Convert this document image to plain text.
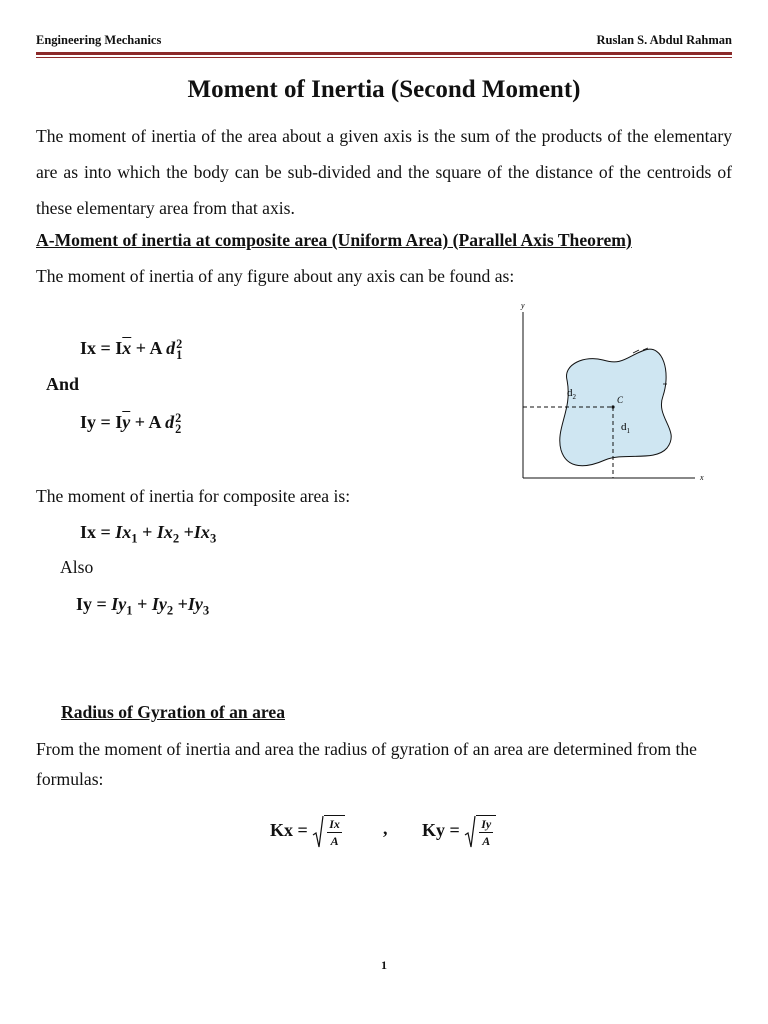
Engineering Mechanics	Ruslan S. Abdul Rahman
Moment of Inertia (Second Moment)
The moment of inertia of the area about a given axis is the sum of the products of the elementary are as into which the body can be sub-divided and the square of the distance of the centroids of these elementary area from that axis.
A-Moment of inertia at composite area (Uniform Area) (Parallel Axis Theorem)
The moment of inertia of any figure about any axis can be found as:
$Ix = I\overline{x} + A$ d 2
1
And
$Iy = I\overline{y} + A$ d 2
2
The moment of inertia for composite area is:
$Ix = Ix_1 + Ix_2 +Ix_3$
Also
$Iy = Iy_1 + Iy_2 +Iy_3$
y
x
C
$d_2$
$d_1$
Radius of Gyration of an area
From the moment of inertia and area the radius of gyration of an area are determined from the formulas:
$Kx = \frac{Ix}{A}$ , $Ky = \frac{Iy}{A}$
1
